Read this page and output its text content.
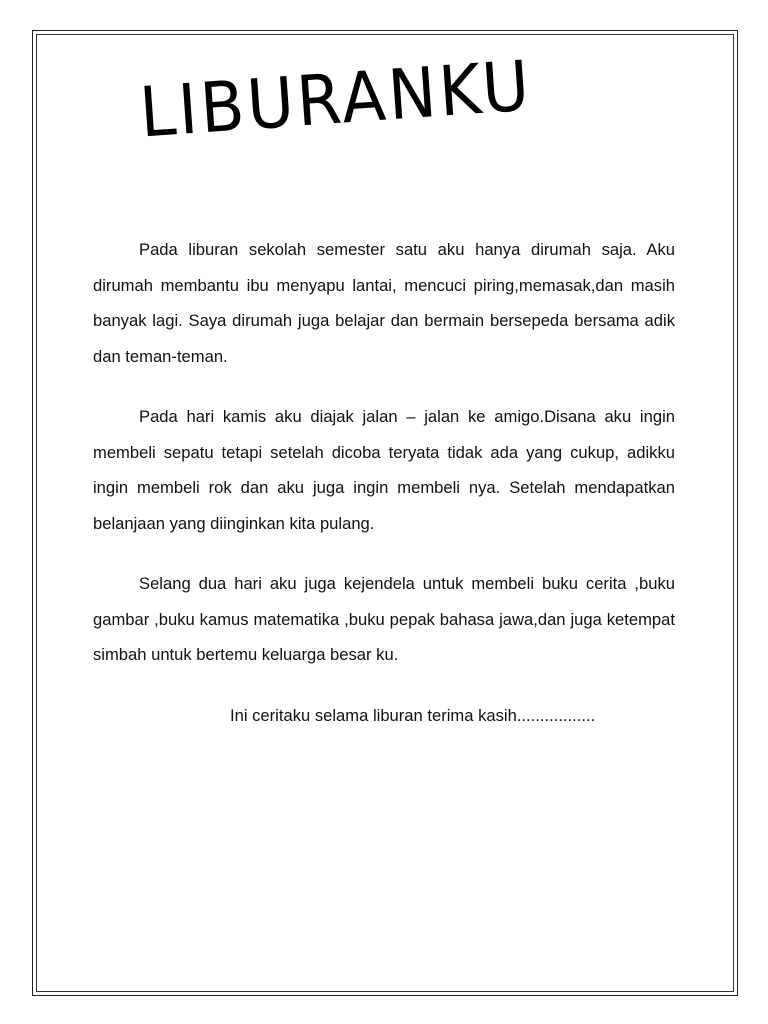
LIBURANKU

Pada liburan sekolah semester satu aku hanya dirumah saja. Aku dirumah membantu ibu menyapu lantai, mencuci piring,memasak,dan masih banyak lagi. Saya dirumah juga belajar dan bermain bersepeda bersama adik dan teman-teman.

Pada hari kamis aku diajak jalan – jalan ke amigo.Disana aku ingin membeli sepatu tetapi setelah dicoba teryata tidak ada yang cukup, adikku ingin membeli rok dan aku juga ingin membeli nya. Setelah mendapatkan belanjaan yang diinginkan kita pulang.

Selang dua hari aku juga kejendela untuk membeli buku cerita ,buku gambar ,buku kamus matematika ,buku pepak bahasa jawa,dan juga ketempat simbah untuk bertemu keluarga besar ku.

Ini ceritaku selama liburan terima kasih.................
